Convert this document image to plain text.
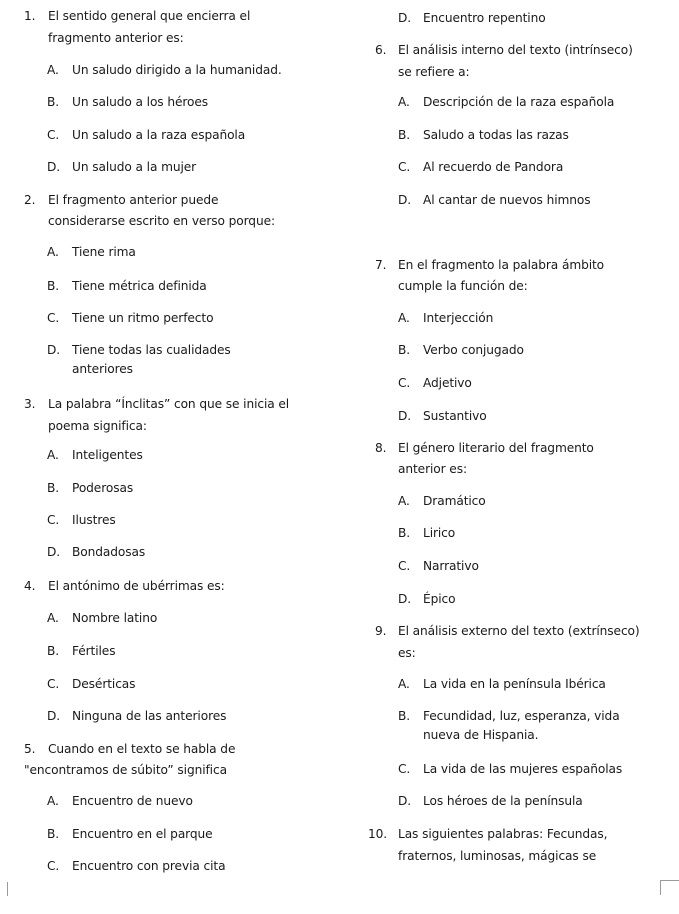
1. El sentido general que encierra el
fragmento anterior es:
A. Un saludo dirigido a la humanidad.
B. Un saludo a los héroes
C. Un saludo a la raza española
D. Un saludo a la mujer
2. El fragmento anterior puede
considerarse escrito en verso porque:
A. Tiene rima
B. Tiene métrica definida
C. Tiene un ritmo perfecto
D. Tiene todas las cualidades
anteriores
3. La palabra “Ínclitas” con que se inicia el
poema significa:
A. Inteligentes
B. Poderosas
C. Ilustres
D. Bondadosas
4. El antónimo de ubérrimas es:
A. Nombre latino
B. Fértiles
C. Desérticas
D. Ninguna de las anteriores
5. Cuando en el texto se habla de
"encontramos de súbito” significa
A. Encuentro de nuevo
B. Encuentro en el parque
C. Encuentro con previa cita
D. Encuentro repentino
6. El análisis interno del texto (intrínseco)
se refiere a:
A. Descripción de la raza española
B. Saludo a todas las razas
C. Al recuerdo de Pandora
D. Al cantar de nuevos himnos
7. En el fragmento la palabra ámbito
cumple la función de:
A. Interjección
B. Verbo conjugado
C. Adjetivo
D. Sustantivo
8. El género literario del fragmento
anterior es:
A. Dramático
B. Lirico
C. Narrativo
D. Épico
9. El análisis externo del texto (extrínseco)
es:
A. La vida en la península Ibérica
B. Fecundidad, luz, esperanza, vida
nueva de Hispania.
C. La vida de las mujeres españolas
D. Los héroes de la península
10. Las siguientes palabras: Fecundas,
fraternos, luminosas, mágicas se
